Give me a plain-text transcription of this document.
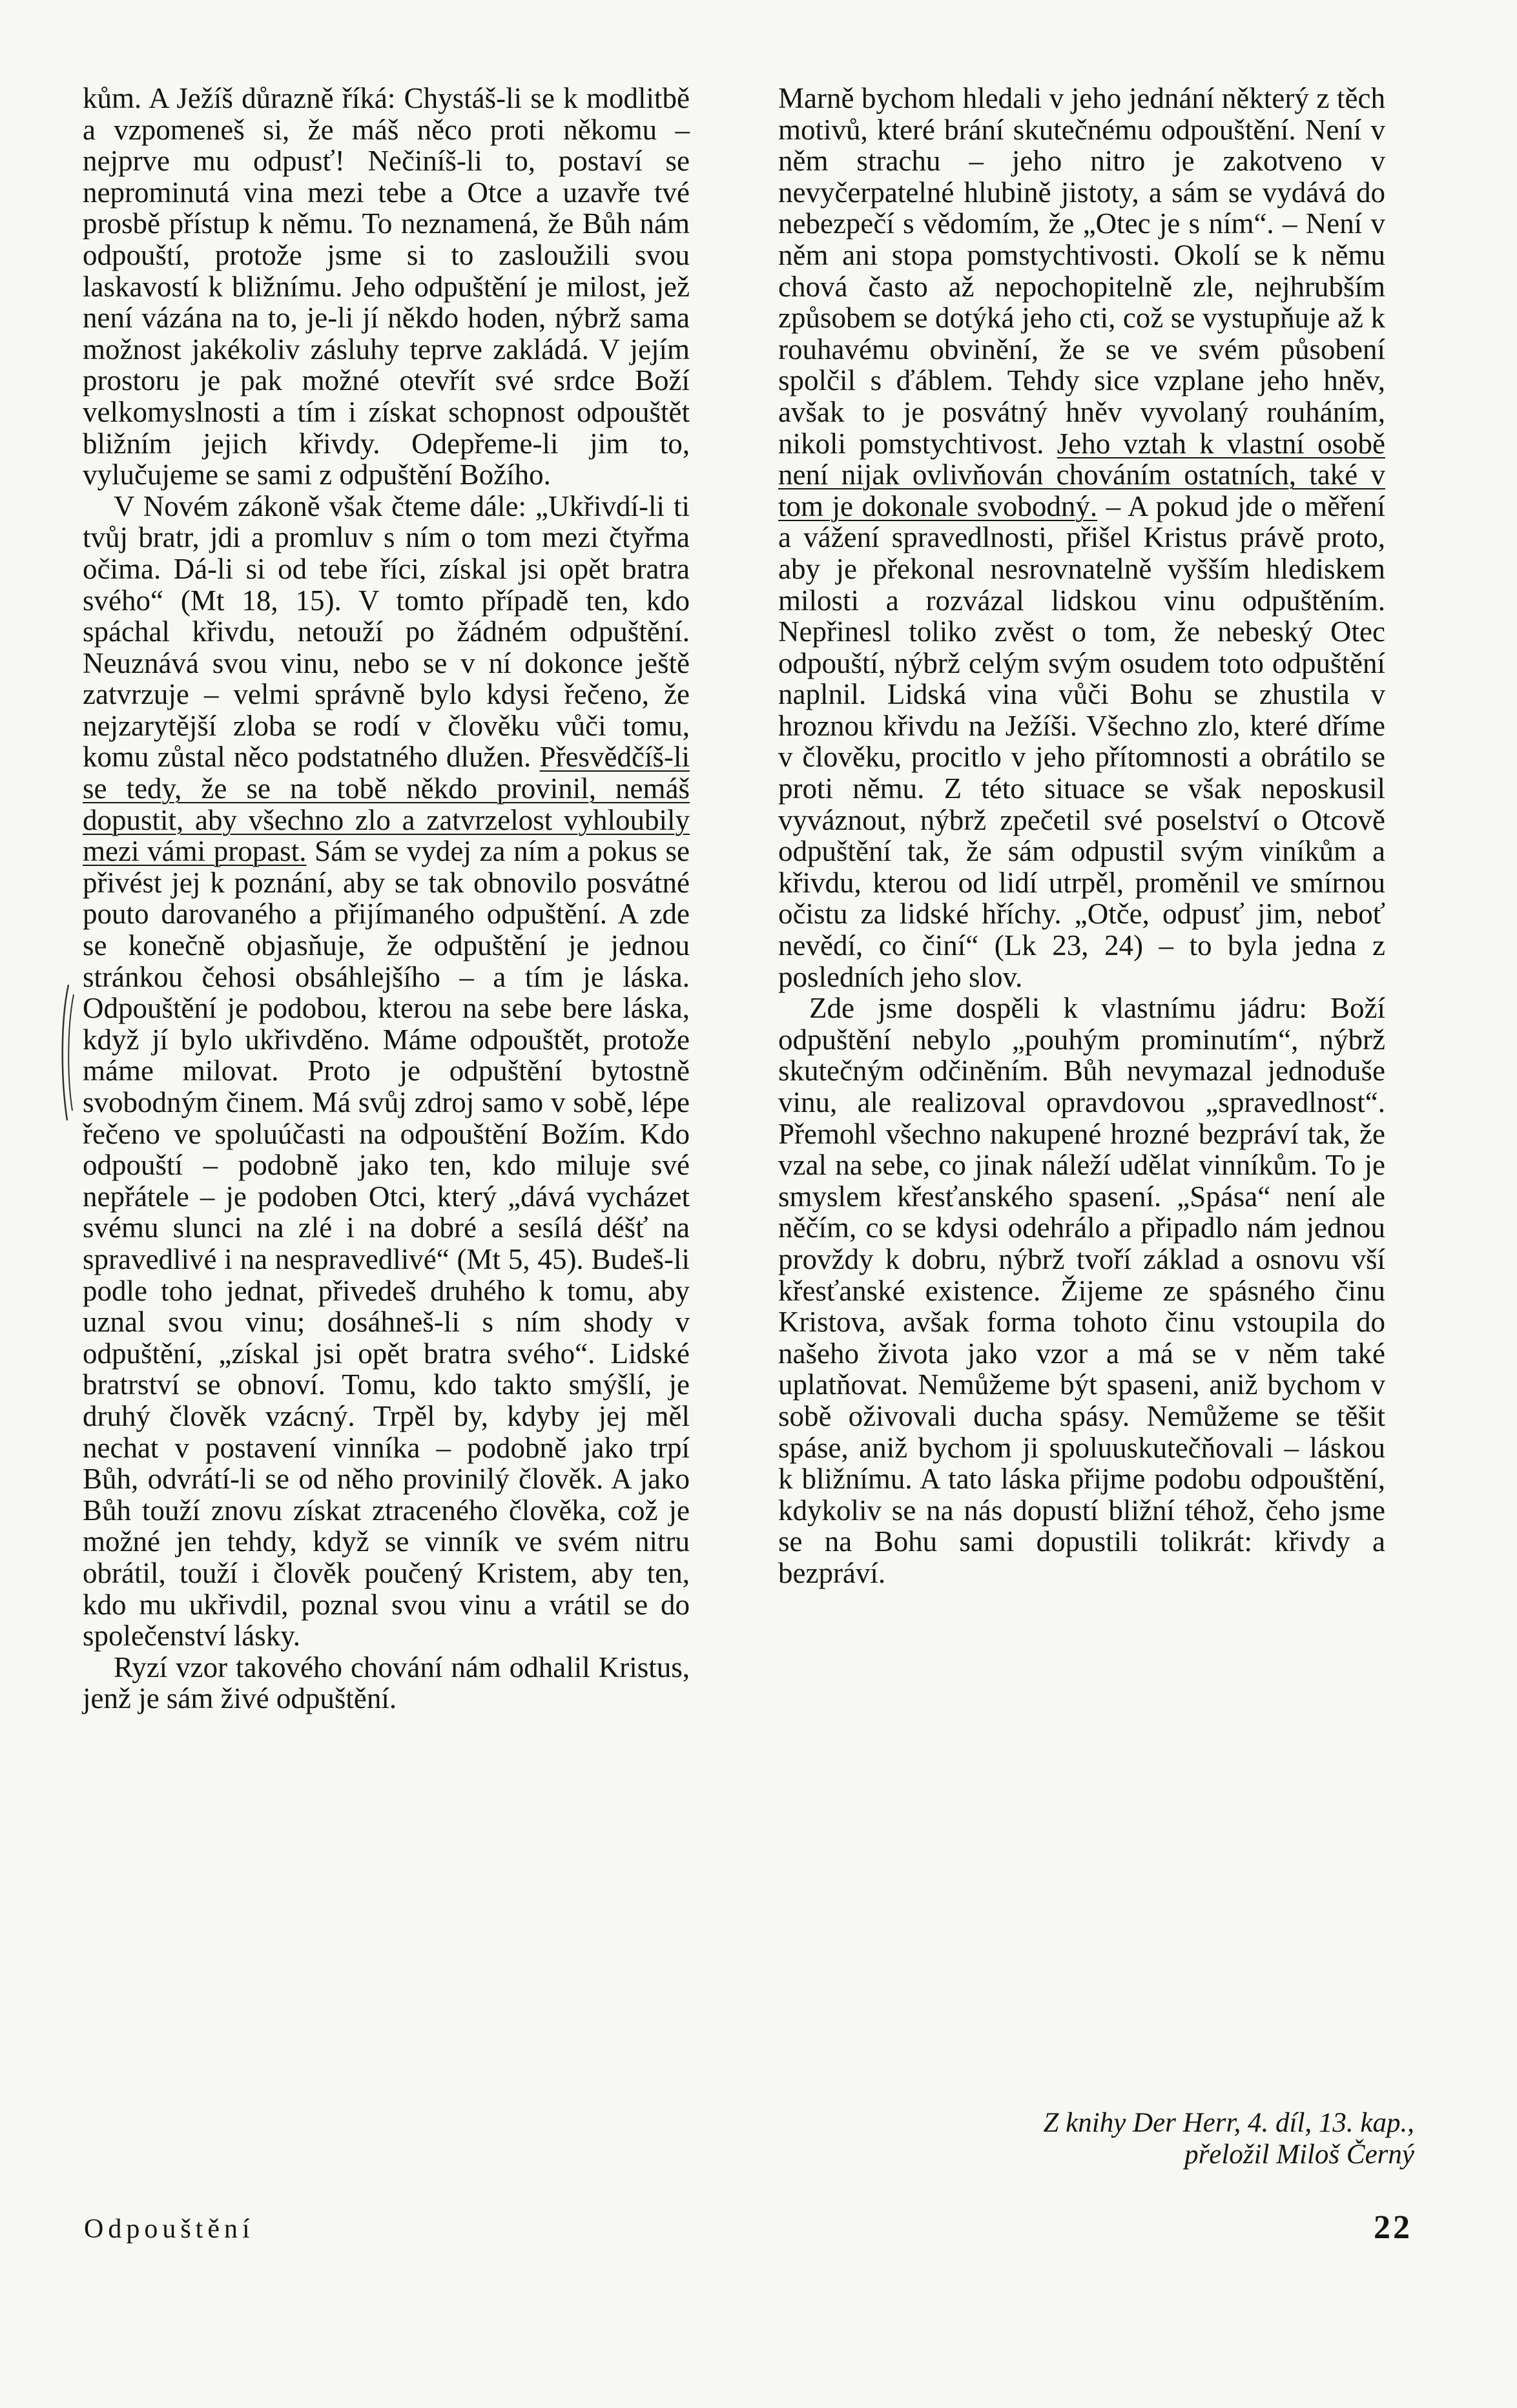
kům. A Ježíš důrazně říká: Chystáš-li se k modlitbě a vzpomeneš si, že máš něco proti někomu – nejprve mu odpusť! Nečiníš-li to, postaví se neprominutá vina mezi tebe a Otce a uzavře tvé prosbě přístup k němu. To neznamená, že Bůh nám odpouští, protože jsme si to zasloužili svou laskavostí k bližnímu. Jeho odpuštění je milost, jež není vázána na to, je-li jí někdo hoden, nýbrž sama možnost jakékoliv zásluhy teprve zakládá. V jejím prostoru je pak možné otevřít své srdce Boží velkomyslnosti a tím i získat schopnost odpouštět bližním jejich křivdy. Odepřeme-li jim to, vylučujeme se sami z odpuštění Božího.

V Novém zákoně však čteme dále: „Ukřivdí-li ti tvůj bratr, jdi a promluv s ním o tom mezi čtyřma očima. Dá-li si od tebe říci, získal jsi opět bratra svého“ (Mt 18, 15). V tomto případě ten, kdo spáchal křivdu, netouží po žádném odpuštění. Neuznává svou vinu, nebo se v ní dokonce ještě zatvrzuje – velmi správně bylo kdysi řečeno, že nejzarytější zloba se rodí v člověku vůči tomu, komu zůstal něco podstatného dlužen. Přesvědčíš-li se tedy, že se na tobě někdo provinil, nemáš dopustit, aby všechno zlo a zatvrzelost vyhloubily mezi vámi propast. Sám se vydej za ním a pokus se přivést jej k poznání, aby se tak obnovilo posvátné pouto darovaného a přijímaného odpuštění. A zde se konečně objasňuje, že odpuštění je jednou stránkou čehosi obsáhlejšího – a tím je láska. Odpouštění je podobou, kterou na sebe bere láska, když jí bylo ukřivděno. Máme odpouštět, protože máme milovat. Proto je odpuštění bytostně svobodným činem. Má svůj zdroj samo v sobě, lépe řečeno ve spoluúčasti na odpouštění Božím. Kdo odpouští – podobně jako ten, kdo miluje své nepřátele – je podoben Otci, který „dává vycházet svému slunci na zlé i na dobré a sesílá déšť na spravedlivé i na nespravedlivé“ (Mt 5, 45). Budeš-li podle toho jednat, přivedeš druhého k tomu, aby uznal svou vinu; dosáhneš-li s ním shody v odpuštění, „získal jsi opět bratra svého“. Lidské bratrství se obnoví. Tomu, kdo takto smýšlí, je druhý člověk vzácný. Trpěl by, kdyby jej měl nechat v postavení vinníka – podobně jako trpí Bůh, odvrátí-li se od něho provinilý člověk. A jako Bůh touží znovu získat ztraceného člověka, což je možné jen tehdy, když se vinník ve svém nitru obrátil, touží i člověk poučený Kristem, aby ten, kdo mu ukřivdil, poznal svou vinu a vrátil se do společenství lásky.

Ryzí vzor takového chování nám odhalil Kristus, jenž je sám živé odpuštění.

Marně bychom hledali v jeho jednání některý z těch motivů, které brání skutečnému odpouštění. Není v něm strachu – jeho nitro je zakotveno v nevyčerpatelné hlubině jistoty, a sám se vydává do nebezpečí s vědomím, že „Otec je s ním“. – Není v něm ani stopa pomstychtivosti. Okolí se k němu chová často až nepochopitelně zle, nejhrubším způsobem se dotýká jeho cti, což se vystupňuje až k rouhavému obvinění, že se ve svém působení spolčil s ďáblem. Tehdy sice vzplane jeho hněv, avšak to je posvátný hněv vyvolaný rouháním, nikoli pomstychtivost. Jeho vztah k vlastní osobě není nijak ovlivňován chováním ostatních, také v tom je dokonale svobodný. – A pokud jde o měření a vážení spravedlnosti, přišel Kristus právě proto, aby je překonal nesrovnatelně vyšším hlediskem milosti a rozvázal lidskou vinu odpuštěním. Nepřinesl toliko zvěst o tom, že nebeský Otec odpouští, nýbrž celým svým osudem toto odpuštění naplnil. Lidská vina vůči Bohu se zhustila v hroznou křivdu na Ježíši. Všechno zlo, které dříme v člověku, procitlo v jeho přítomnosti a obrátilo se proti němu. Z této situace se však neposkusil vyváznout, nýbrž zpečetil své poselství o Otcově odpuštění tak, že sám odpustil svým viníkům a křivdu, kterou od lidí utrpěl, proměnil ve smírnou očistu za lidské hříchy. „Otče, odpusť jim, neboť nevědí, co činí“ (Lk 23, 24) – to byla jedna z posledních jeho slov.

Zde jsme dospěli k vlastnímu jádru: Boží odpuštění nebylo „pouhým prominutím“, nýbrž skutečným odčiněním. Bůh nevymazal jednoduše vinu, ale realizoval opravdovou „spravedlnost“. Přemohl všechno nakupené hrozné bezpráví tak, že vzal na sebe, co jinak náleží udělat vinníkům. To je smyslem křesťanského spasení. „Spása“ není ale něčím, co se kdysi odehrálo a připadlo nám jednou provždy k dobru, nýbrž tvoří základ a osnovu vší křesťanské existence. Žijeme ze spásného činu Kristova, avšak forma tohoto činu vstoupila do našeho života jako vzor a má se v něm také uplatňovat. Nemůžeme být spaseni, aniž bychom v sobě oživovali ducha spásy. Nemůžeme se těšit spáse, aniž bychom ji spoluuskutečňovali – láskou k bližnímu. A tato láska přijme podobu odpouštění, kdykoliv se na nás dopustí bližní téhož, čeho jsme se na Bohu sami dopustili tolikrát: křivdy a bezpráví.

Z knihy Der Herr, 4. díl, 13. kap.,
přeložil Miloš Černý
Odpouštění	22
